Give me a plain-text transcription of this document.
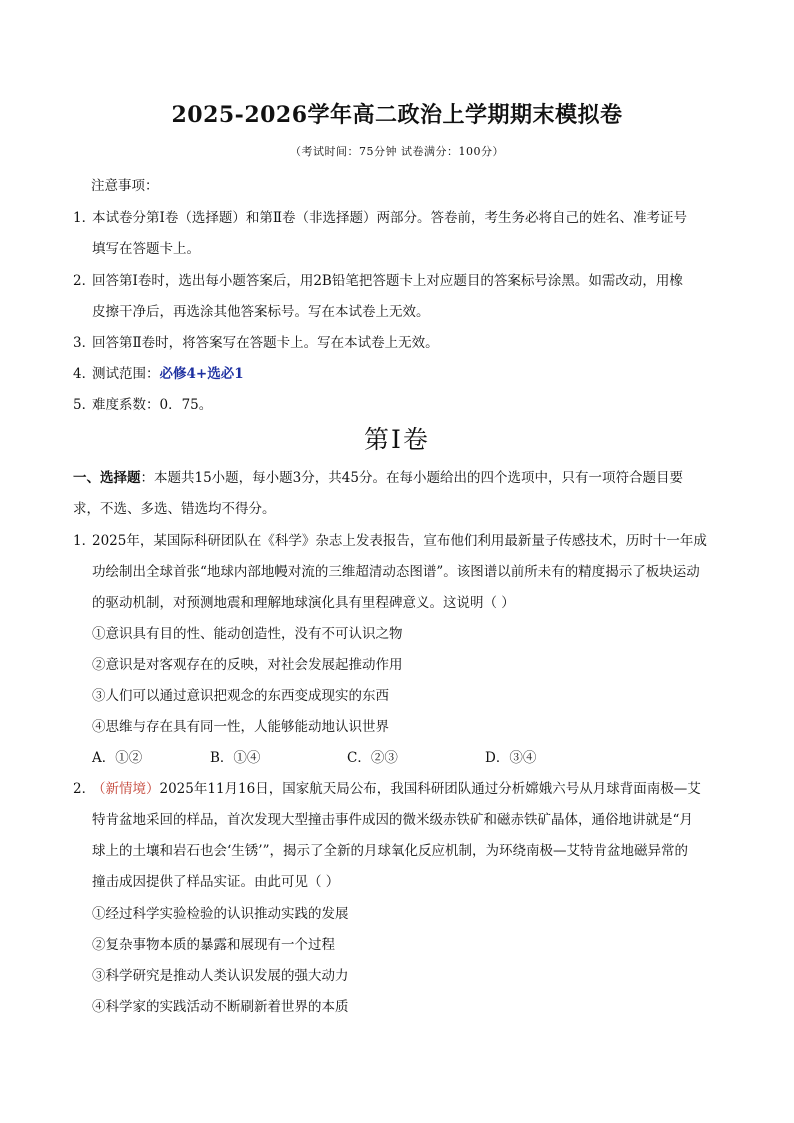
2025-2026学年高二政治上学期期末模拟卷
（考试时间：75分钟 试卷满分：100分）
注意事项：
1．
本试卷分第Ⅰ卷（选择题）和第Ⅱ卷（非选择题）两部分。答卷前，考生务必将自己的姓名、准考证号
填写在答题卡上。
2．
回答第Ⅰ卷时，选出每小题答案后，用2B铅笔把答题卡上对应题目的答案标号涂黑。如需改动，用橡
皮擦干净后，再选涂其他答案标号。写在本试卷上无效。
3．
回答第Ⅱ卷时，将答案写在答题卡上。写在本试卷上无效。
4．
测试范围：必修4+选必1
5．
难度系数：0．75。
第Ⅰ卷
一、选择题：本题共15小题，每小题3分，共45分。在每小题给出的四个选项中，只有一项符合题目要
求，不选、多选、错选均不得分。
1．
2025年，某国际科研团队在《科学》杂志上发表报告，宣布他们利用最新量子传感技术，历时十一年成
功绘制出全球首张“地球内部地幔对流的三维超清动态图谱”。该图谱以前所未有的精度揭示了板块运动
的驱动机制，对预测地震和理解地球演化具有里程碑意义。这说明（ ）
①意识具有目的性、能动创造性，没有不可认识之物
②意识是对客观存在的反映，对社会发展起推动作用
③人们可以通过意识把观念的东西变成现实的东西
④思维与存在具有同一性，人能够能动地认识世界
A．①②	B．①④	C．②③	D．③④
2．
（新情境）2025年11月16日，国家航天局公布，我国科研团队通过分析嫦娥六号从月球背面南极—艾
特肯盆地采回的样品，首次发现大型撞击事件成因的微米级赤铁矿和磁赤铁矿晶体，通俗地讲就是“月
球上的土壤和岩石也会‘生锈’”，揭示了全新的月球氧化反应机制，为环绕南极—艾特肯盆地磁异常的
撞击成因提供了样品实证。由此可见（ ）
①经过科学实验检验的认识推动实践的发展
②复杂事物本质的暴露和展现有一个过程
③科学研究是推动人类认识发展的强大动力
④科学家的实践活动不断刷新着世界的本质
